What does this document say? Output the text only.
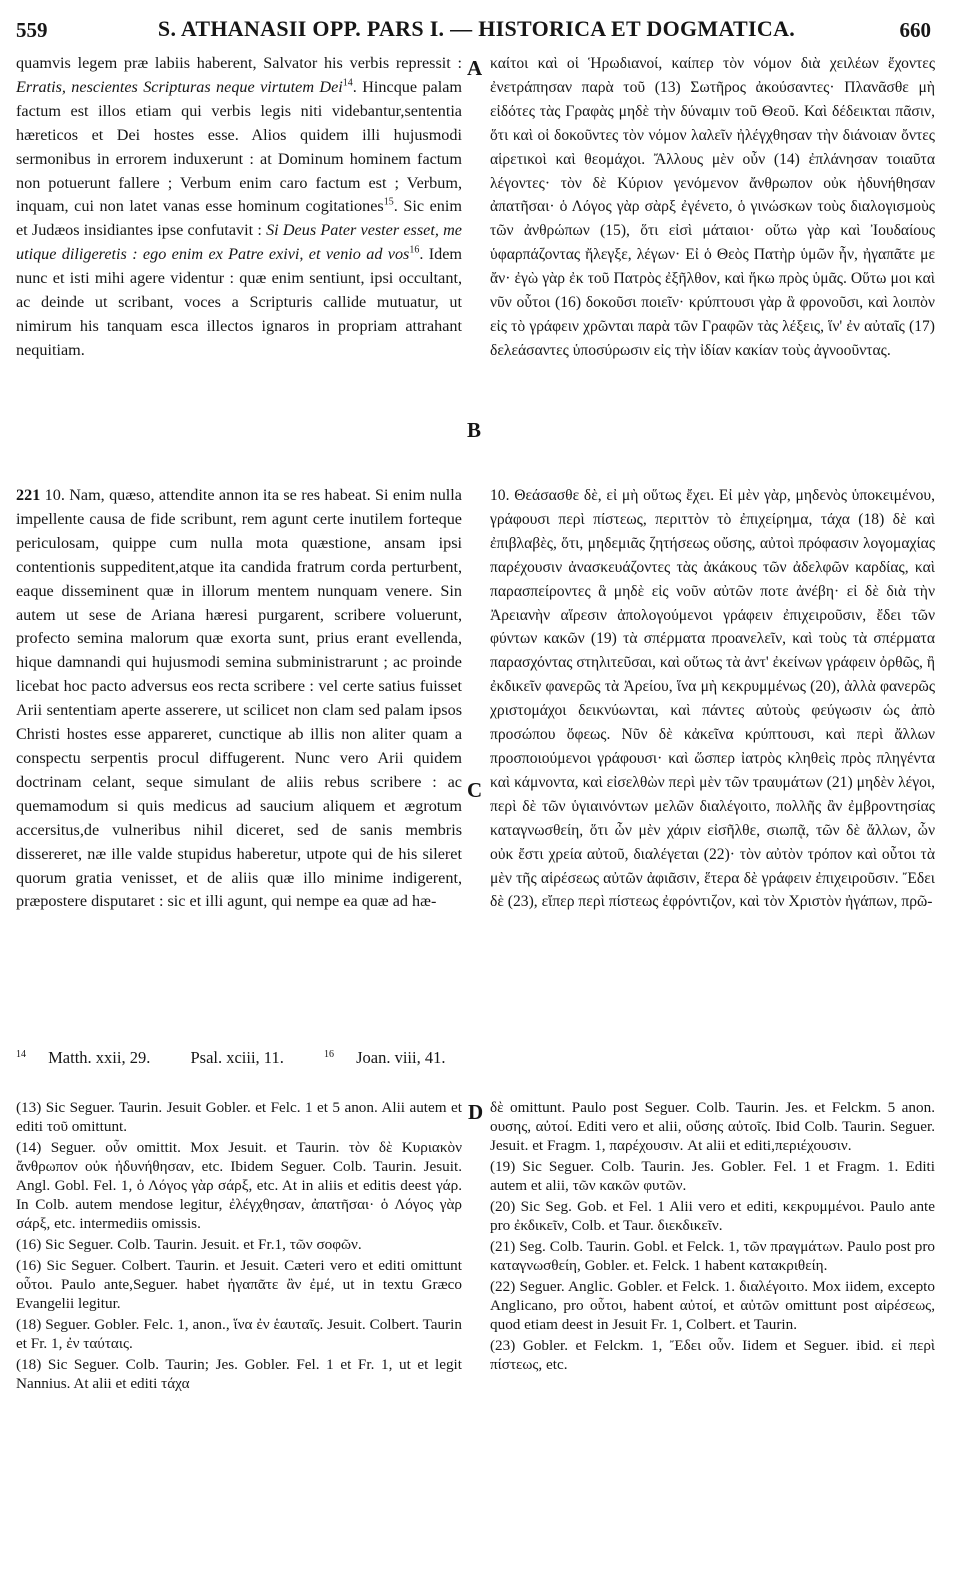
559	S. ATHANASII OPP. PARS I. — HISTORICA ET DOGMATICA.	660

quamvis legem præ labiis haberent, Salvator his verbis repressit : Erratis, nescientes Scripturas neque virtutem Dei$^{14}$. Hincque palam factum est illos etiam qui verbis legis niti videbantur,sententia hæreticos et Dei hostes esse. Alios quidem illi hujusmodi sermonibus in errorem induxerunt : at Dominum hominem factum non potuerunt fallere ; Verbum enim caro factum est ; Verbum, inquam, cui non latet vanas esse hominum cogitationes$^{15}$. Sic enim et Judæos insidiantes ipse confutavit : Si Deus Pater vester esset, me utique diligeretis : ego enim ex Patre exivi, et venio ad vos$^{16}$. Idem nunc et isti mihi agere videntur : quæ enim sentiunt, ipsi occultant, ac deinde ut scribant, voces a Scripturis callide mutuatur, ut nimirum his tanquam esca illectos ignaros in propriam attrahant nequitiam.

καίτοι καὶ οἱ Ἡρωδιανοί, καίπερ τὸν νόμον διὰ χειλέων ἔχοντες ἐνετράπησαν παρὰ τοῦ (13) Σωτῆρος ἀκούσαντες· Πλανᾶσθε μὴ εἰδότες τὰς Γραφὰς μηδὲ τὴν δύναμιν τοῦ Θεοῦ. Καὶ δέδεικται πᾶσιν, ὅτι καὶ οἱ δοκοῦντες τὸν νόμον λαλεῖν ἠλέγχθησαν τὴν διάνοιαν ὄντες αἱρετικοὶ καὶ θεομάχοι. Ἄλλους μὲν οὖν (14) ἐπλάνησαν τοιαῦτα λέγοντες· τὸν δὲ Κύριον γενόμενον ἄνθρωπον οὐκ ἠδυνήθησαν ἀπατῆσαι· ὁ Λόγος γὰρ σὰρξ ἐγένετο, ὁ γινώσκων τοὺς διαλογισμοὺς τῶν ἀνθρώπων (15), ὅτι εἰσὶ μάταιοι· οὕτω γὰρ καὶ Ἰουδαίους ὑφαρπάζοντας ἤλεγξε, λέγων· Εἰ ὁ Θεὸς Πατὴρ ὑμῶν ἦν, ἠγαπᾶτε με ἄν· ἐγὼ γὰρ ἐκ τοῦ Πατρὸς ἐξῆλθον, καὶ ἥκω πρὸς ὑμᾶς. Οὕτω μοι καὶ νῦν οὗτοι (16) δοκοῦσι ποιεῖν· κρύπτουσι γὰρ ἃ φρονοῦσι, καὶ λοιπὸν εἰς τὸ γράφειν χρῶνται παρὰ τῶν Γραφῶν τὰς λέξεις, ἵν' ἐν αὐταῖς (17) δελεάσαντες ὑποσύρωσιν εἰς τὴν ἰδίαν κακίαν τοὺς ἀγνοοῦντας.

221 10. Nam, quæso, attendite annon ita se res habeat. Si enim nulla impellente causa de fide scribunt, rem agunt certe inutilem forteque periculosam, quippe cum nulla mota quæstione, ansam ipsi contentionis suppeditent,atque ita candida fratrum corda perturbent, eaque disseminent quæ in illorum mentem nunquam venere. Sin autem ut sese de Ariana hæresi purgarent, scribere voluerunt, profecto semina malorum quæ exorta sunt, prius erant evellenda, hique damnandi qui hujusmodi semina subministrarunt ; ac proinde licebat hoc pacto adversus eos recta scribere : vel certe satius fuisset Arii sententiam aperte asserere, ut scilicet non clam sed palam ipsos Christi hostes esse appareret, cunctique ab illis non aliter quam a conspectu serpentis procul diffugerent. Nunc vero Arii quidem doctrinam celant, seque simulant de aliis rebus scribere : ac quemamodum si quis medicus ad saucium aliquem et ægrotum accersitus,de vulneribus nihil diceret, sed de sanis membris dissereret, næ ille valde stupidus haberetur, utpote qui de his sileret quorum gratia venisset, et de aliis quæ illo minime indigerent, præpostere disputaret : sic et illi agunt, qui nempe ea quæ ad hæ-

10. Θεάσασθε δὲ, εἰ μὴ οὕτως ἔχει. Εἰ μὲν γὰρ, μηδενὸς ὑποκειμένου, γράφουσι περὶ πίστεως, περιττὸν τὸ ἐπιχείρημα, τάχα (18) δὲ καὶ ἐπιβλαβὲς, ὅτι, μηδεμιᾶς ζητήσεως οὔσης, αὐτοὶ πρόφασιν λογομαχίας παρέχουσιν ἀνασκευάζοντες τὰς ἀκάκους τῶν ἀδελφῶν καρδίας, καὶ παρασπείροντες ἃ μηδὲ εἰς νοῦν αὐτῶν ποτε ἀνέβη· εἰ δὲ διὰ τὴν Ἀρειανὴν αἵρεσιν ἀπολογούμενοι γράφειν ἐπιχειροῦσιν, ἔδει τῶν φύντων κακῶν (19) τὰ σπέρματα προανελεῖν, καὶ τοὺς τὰ σπέρματα παρασχόντας στηλιτεῦσαι, καὶ οὕτως τὰ ἀντ' ἐκείνων γράφειν ὀρθῶς, ἢ ἐκδικεῖν φανερῶς τὰ Ἀρείου, ἵνα μὴ κεκρυμμένως (20), ἀλλὰ φανερῶς χριστομάχοι δεικνύωνται, καὶ πάντες αὐτοὺς φεύγωσιν ὡς ἀπὸ προσώπου ὄφεως. Νῦν δὲ κἀκεῖνα κρύπτουσι, καὶ περὶ ἄλλων προσποιούμενοι γράφουσι· καὶ ὥσπερ ἰατρὸς κληθεὶς πρὸς πληγέντα καὶ κάμνοντα, καὶ εἰσελθὼν περὶ μὲν τῶν τραυμάτων (21) μηδὲν λέγοι, περὶ δὲ τῶν ὑγιαινόντων μελῶν διαλέγοιτο, πολλῆς ἂν ἐμβροντησίας καταγνωσθείη, ὅτι ὧν μὲν χάριν εἰσῆλθε, σιωπᾷ, τῶν δὲ ἄλλων, ὧν οὐκ ἔστι χρεία αὐτοῦ, διαλέγεται (22)· τὸν αὐτὸν τρόπον καὶ οὗτοι τὰ μὲν τῆς αἱρέσεως αὐτῶν ἀφιᾶσιν, ἕτερα δὲ γράφειν ἐπιχειροῦσιν. Ἔδει δὲ (23), εἴπερ περὶ πίστεως ἐφρόντιζον, καὶ τὸν Χριστὸν ἠγάπων, πρῶ-

A
B
C
D
$^{14}$ Matth. xxii, 29. Psal. xciii, 11.	$^{16}$ Joan. viii, 41.

(13) Sic Seguer. Taurin. Jesuit Gobler. et Felc. 1 et 5 anon. Alii autem et editi τοῦ omittunt.

(14) Seguer. οὖν omittit. Mox Jesuit. et Taurin. τὸν δὲ Κυριακὸν ἄνθρωπον οὐκ ἠδυνήθησαν, etc. Ibidem Seguer. Colb. Taurin. Jesuit. Angl. Gobl. Fel. 1, ὁ Λόγος γὰρ σάρξ, etc. At in aliis et editis deest γάρ. In Colb. autem mendose legitur, ἐλέγχθησαν, ἀπατῆσαι· ὁ Λόγος γὰρ σάρξ, etc. intermediis omissis.

(16) Sic Seguer. Colb. Taurin. Jesuit. et Fr.1, τῶν σοφῶν.

(16) Sic Seguer. Colbert. Taurin. et Jesuit. Cæteri vero et editi omittunt οὗτοι. Paulo ante,Seguer. habet ἠγαπᾶτε ἂν ἐμέ, ut in textu Græco Evangelii legitur.

(18) Seguer. Gobler. Felc. 1, anon., ἵνα ἐν ἑαυταῖς. Jesuit. Colbert. Taurin et Fr. 1, ἐν ταύταις.

(18) Sic Seguer. Colb. Taurin; Jes. Gobler. Fel. 1 et Fr. 1, ut et legit Nannius. At alii et editi τάχα

δὲ omittunt. Paulo post Seguer. Colb. Taurin. Jes. et Felckm. 5 anon. ουσης, αὐτοί. Editi vero et alii, οὔσης αὐτοῖς. Ibid Colb. Taurin. Seguer. Jesuit. et Fragm. 1, παρέχουσιν. At alii et editi,περιέχουσιν.

(19) Sic Seguer. Colb. Taurin. Jes. Gobler. Fel. 1 et Fragm. 1. Editi autem et alii, τῶν κακῶν φυτῶν.

(20) Sic Seg. Gob. et Fel. 1 Alii vero et editi, κεκρυμμένοι. Paulo ante pro ἐκδικεῖν, Colb. et Taur. διεκδικεῖν.

(21) Seg. Colb. Taurin. Gobl. et Felck. 1, τῶν πραγμάτων. Paulo post pro καταγνωσθείη, Gobler. et. Felck. 1 habent κατακριθείη.

(22) Seguer. Anglic. Gobler. et Felck. 1. διαλέγοιτο. Mox iidem, excepto Anglicano, pro οὗτοι, habent αὐτοί, et αὐτῶν omittunt post αἱρέσεως, quod etiam deest in Jesuit Fr. 1, Colbert. et Taurin.

(23) Gobler. et Felckm. 1, Ἔδει οὖν. Iidem et Seguer. ibid. εἰ περὶ πίστεως, etc.
